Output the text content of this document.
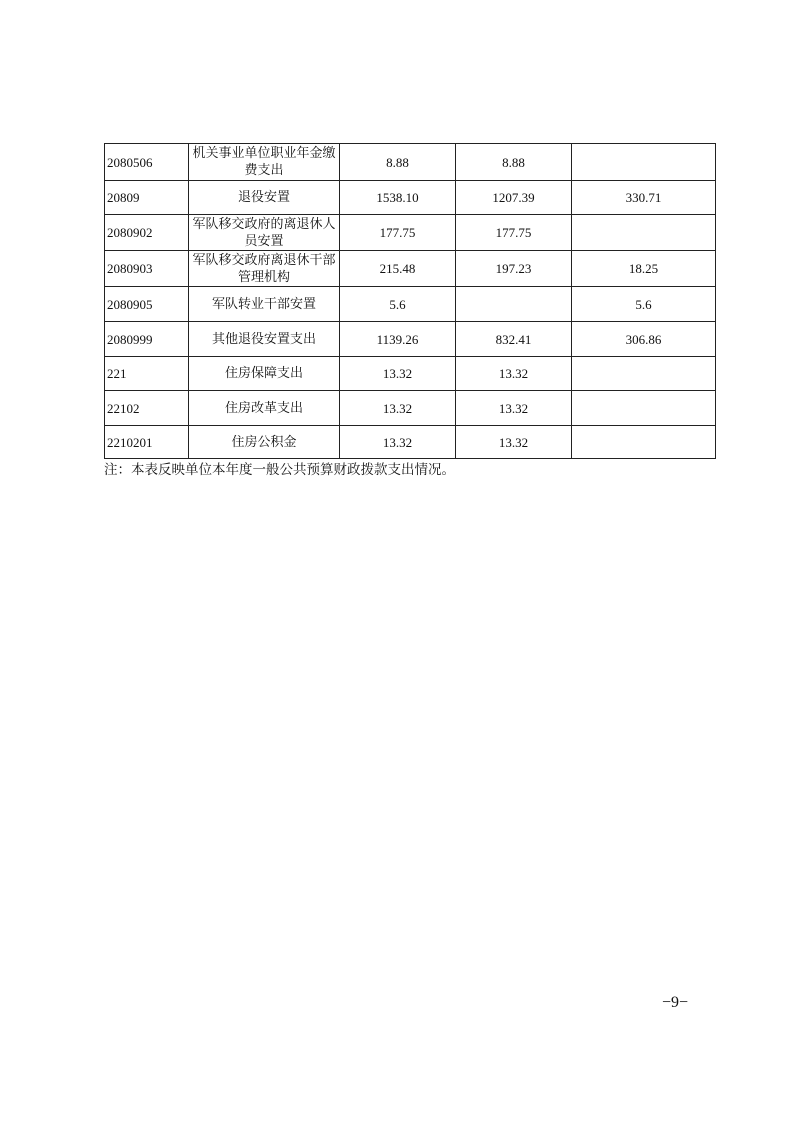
2080506	机关事业单位职业年金缴费支出	8.88	8.88	
20809	退役安置	1538.10	1207.39	330.71
2080902	军队移交政府的离退休人员安置	177.75	177.75	
2080903	军队移交政府离退休干部管理机构	215.48	197.23	18.25
2080905	军队转业干部安置	5.6		5.6
2080999	其他退役安置支出	1139.26	832.41	306.86
221	住房保障支出	13.32	13.32	
22102	住房改革支出	13.32	13.32	
2210201	住房公积金	13.32	13.32	
注：本表反映单位本年度一般公共预算财政拨款支出情况。
−9−
